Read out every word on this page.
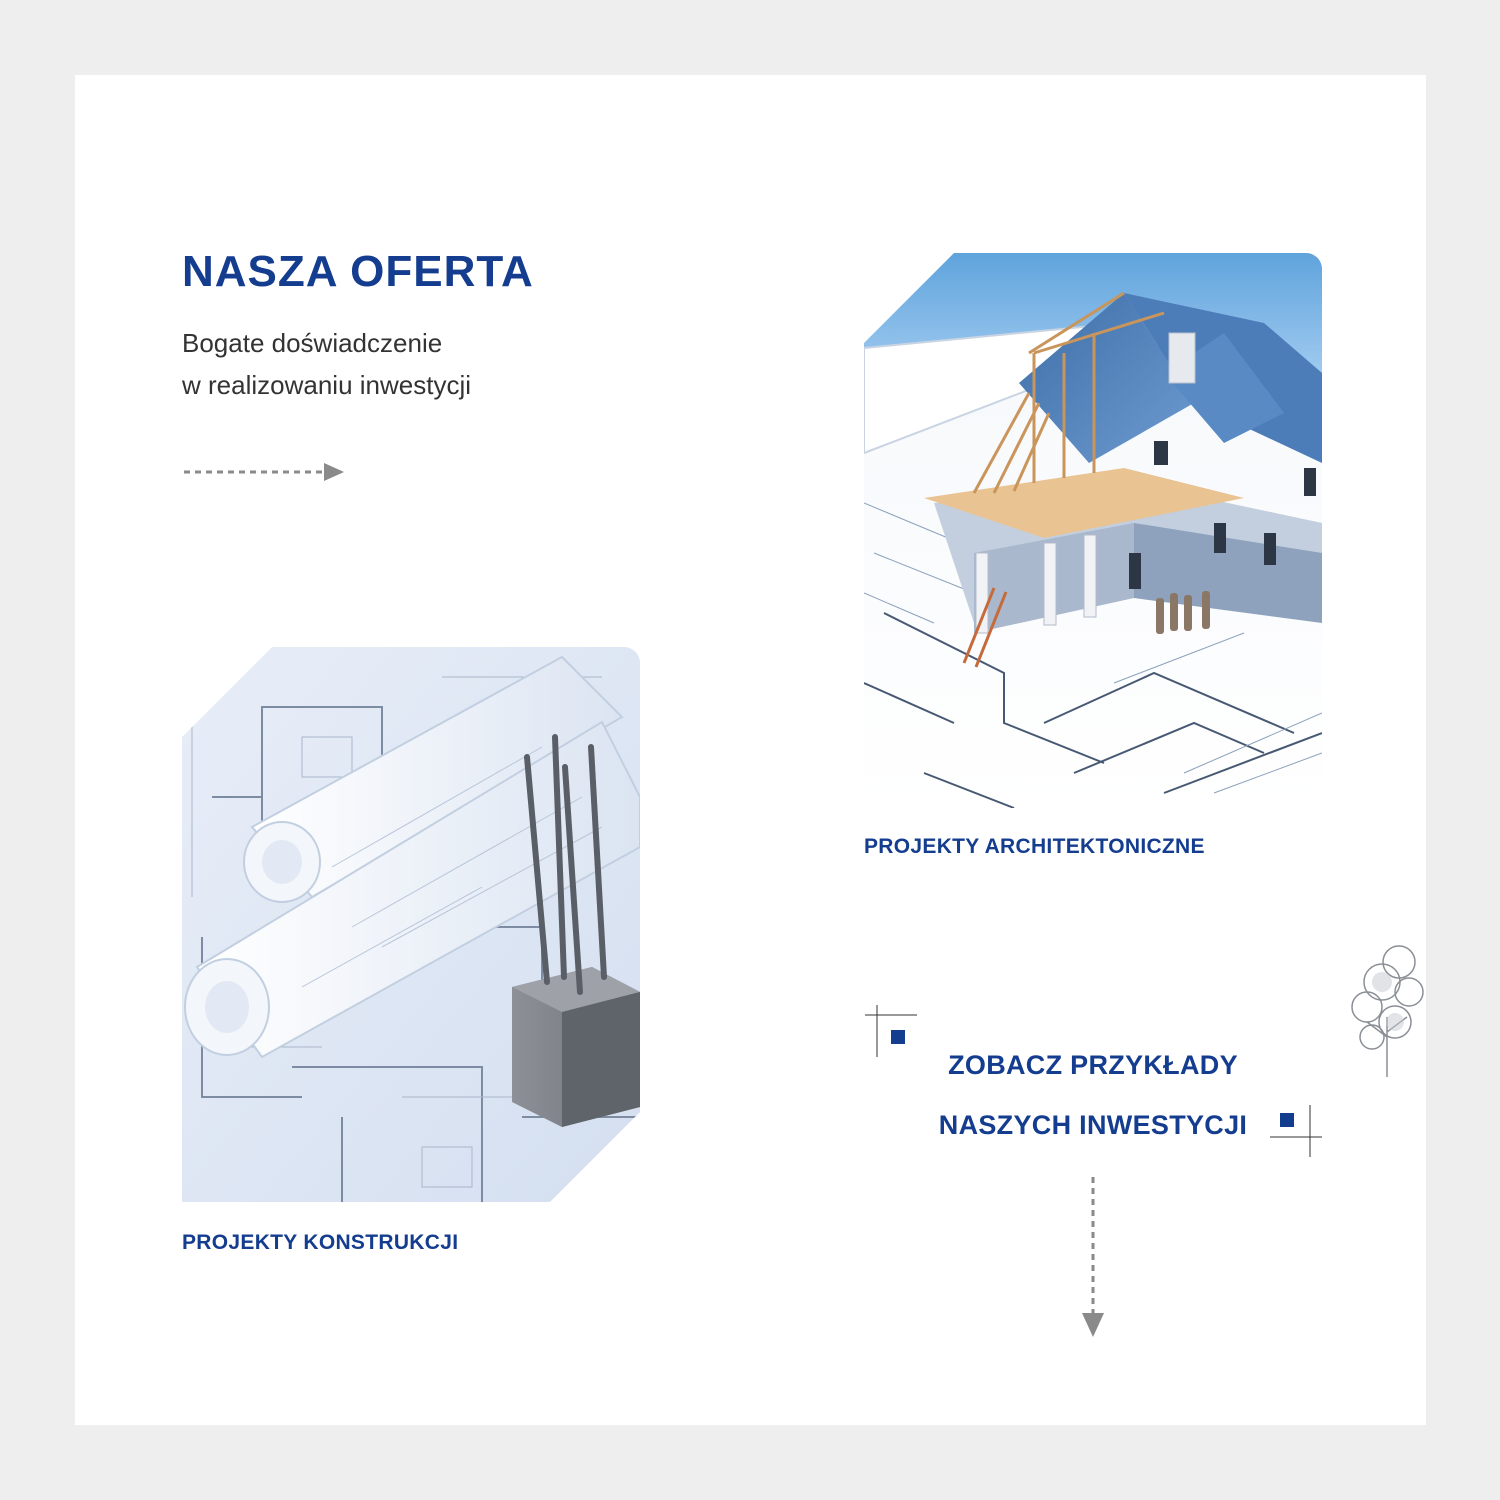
NASZA OFERTA
Bogate doświadczenie
w realizowaniu inwestycji
PROJEKTY ARCHITEKTONICZNE
PROJEKTY KONSTRUKCJI
ZOBACZ PRZYKŁADY
NASZYCH INWESTYCJI
